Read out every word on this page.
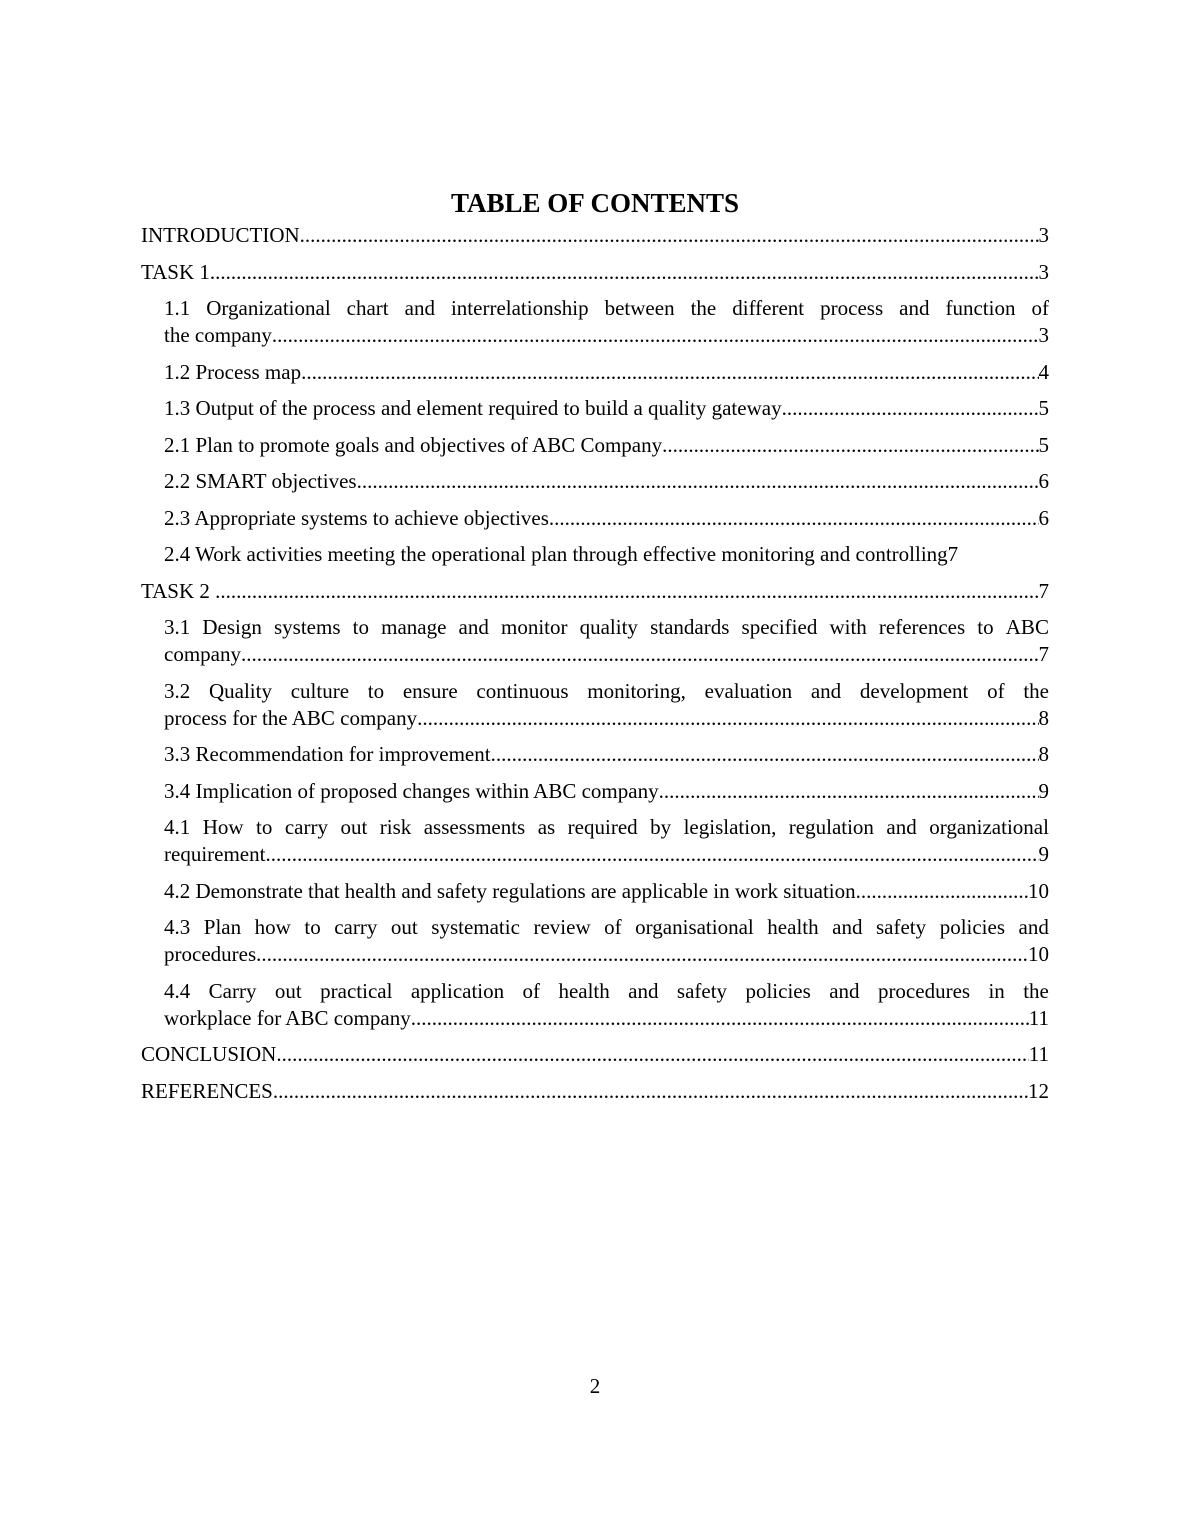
TABLE OF CONTENTS
INTRODUCTION .....	3
TASK 1 .....	3
1.1 Organizational chart and interrelationship between the different process and function of
the company .....	3
1.2 Process map .....	4
1.3 Output of the process and element required to build a quality gateway .....	5
2.1 Plan to promote goals and objectives of ABC Company .....	5
2.2 SMART objectives .....	6
2.3 Appropriate systems to achieve objectives .....	6
2.4 Work activities meeting the operational plan through effective monitoring and controlling 7
TASK 2 .....	7
3.1 Design systems to manage and monitor quality standards specified with references to ABC
company .....	7
3.2 Quality culture to ensure continuous monitoring, evaluation and development of the
process for the ABC company .....	8
3.3 Recommendation for improvement .....	8
3.4 Implication of proposed changes within ABC company .....	9
4.1 How to carry out risk assessments as required by legislation, regulation and organizational
requirement .....	9
4.2 Demonstrate that health and safety regulations are applicable in work situation .....	10
4.3 Plan how to carry out systematic review of organisational health and safety policies and
procedures .....	10
4.4 Carry out practical application of health and safety policies and procedures in the
workplace for ABC company .....	11
CONCLUSION .....	11
REFERENCES .....	12
2
